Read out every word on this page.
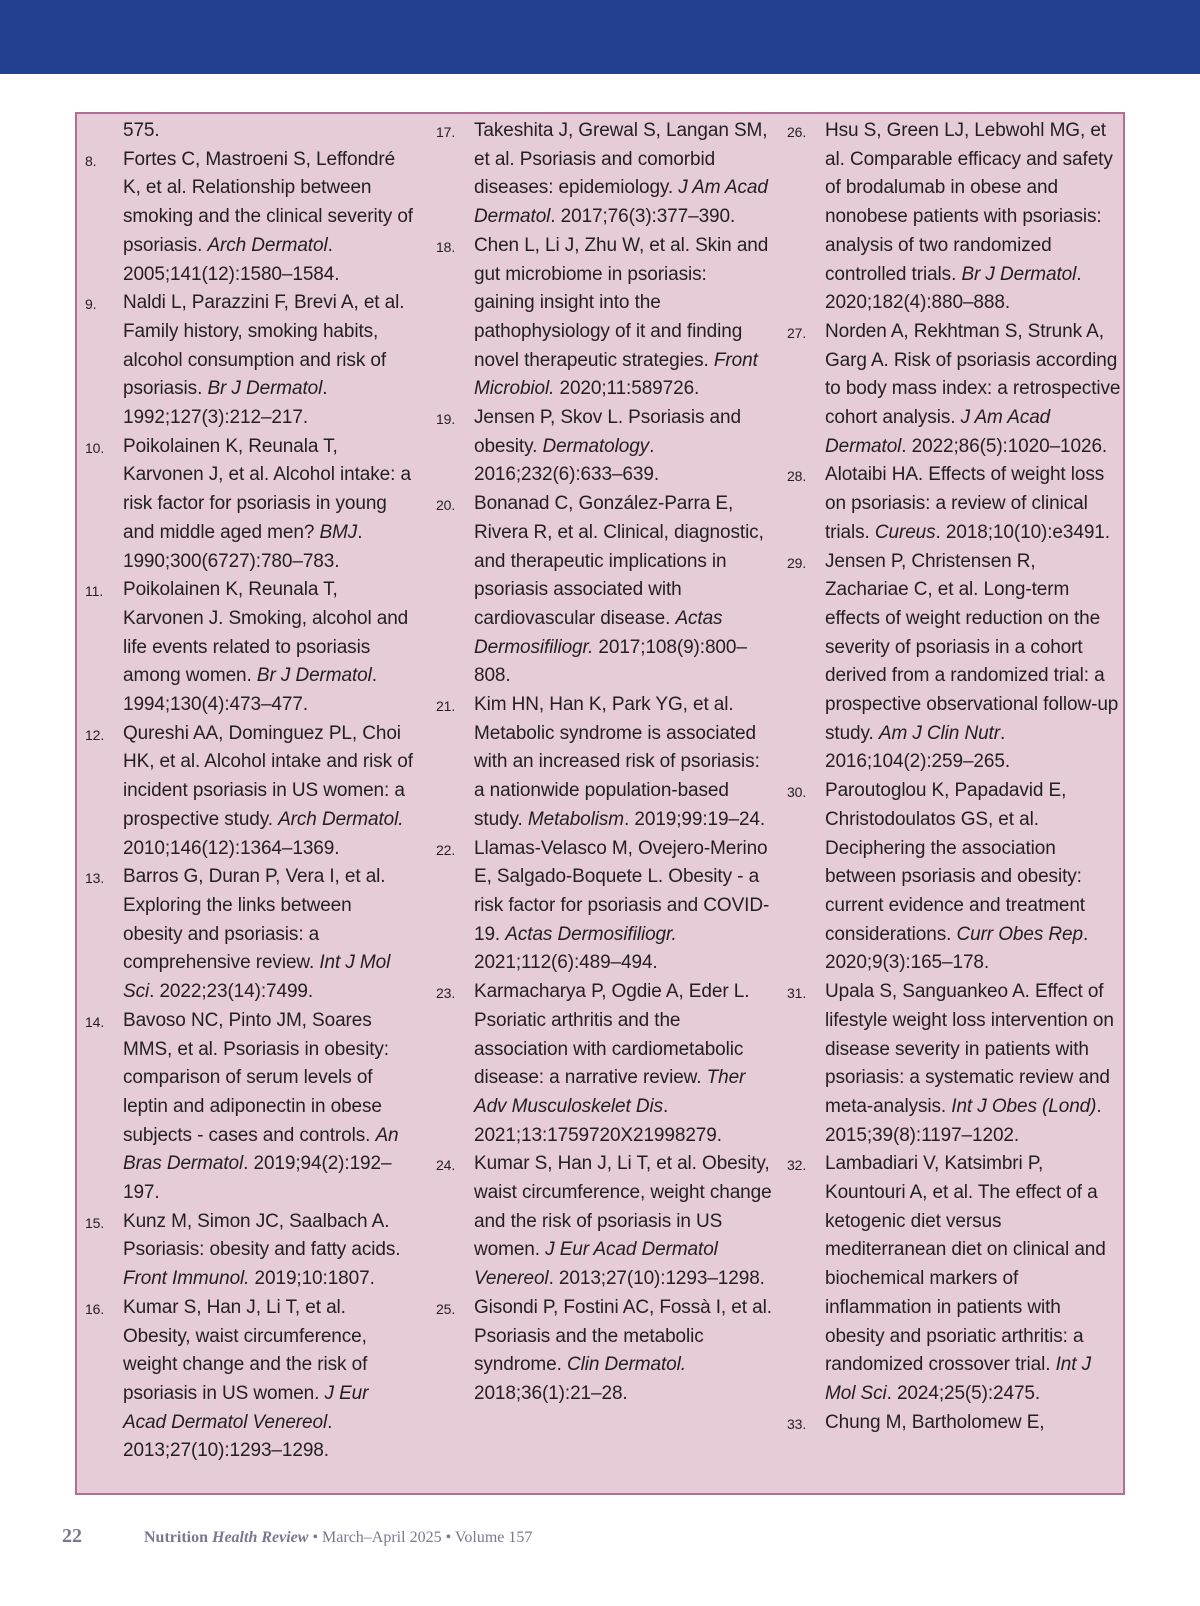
575.
8.	Fortes C, Mastroeni S, Leffondré K, et al. Relationship between smoking and the clinical severity of psoriasis. Arch Dermatol. 2005;141(12):1580–1584.
9.	Naldi L, Parazzini F, Brevi A, et al. Family history, smoking habits, alcohol consumption and risk of psoriasis. Br J Dermatol. 1992;127(3):212–217.
10. Poikolainen K, Reunala T, Karvonen J, et al. Alcohol intake: a risk factor for psoriasis in young and middle aged men? BMJ. 1990;300(6727):780–783.
11.	Poikolainen K, Reunala T, Karvonen J. Smoking, alcohol and life events related to psoriasis among women. Br J Dermatol. 1994;130(4):473–477.
12. Qureshi AA, Dominguez PL, Choi HK, et al. Alcohol intake and risk of incident psoriasis in US women: a prospective study. Arch Dermatol. 2010;146(12):1364–1369.
13. Barros G, Duran P, Vera I, et al. Exploring the links between obesity and psoriasis: a comprehensive review. Int J Mol Sci. 2022;23(14):7499.
14. Bavoso NC, Pinto JM, Soares MMS, et al. Psoriasis in obesity: comparison of serum levels of leptin and adiponectin in obese subjects - cases and controls. An Bras Dermatol. 2019;94(2):192–197.
15. Kunz M, Simon JC, Saalbach A. Psoriasis: obesity and fatty acids. Front Immunol. 2019;10:1807.
16. Kumar S, Han J, Li T, et al. Obesity, waist circumference, weight change and the risk of psoriasis in US women. J Eur Acad Dermatol Venereol. 2013;27(10):1293–1298.
17. Takeshita J, Grewal S, Langan SM, et al. Psoriasis and comorbid diseases: epidemiology. J Am Acad Dermatol. 2017;76(3):377–390.
18. Chen L, Li J, Zhu W, et al. Skin and gut microbiome in psoriasis: gaining insight into the pathophysiology of it and finding novel therapeutic strategies. Front Microbiol. 2020;11:589726.
19. Jensen P, Skov L. Psoriasis and obesity. Dermatology. 2016;232(6):633–639.
20. Bonanad C, González-Parra E, Rivera R, et al. Clinical, diagnostic, and therapeutic implications in psoriasis associated with cardiovascular disease. Actas Dermosifiliogr. 2017;108(9):800–808.
21. Kim HN, Han K, Park YG, et al. Metabolic syndrome is associated with an increased risk of psoriasis: a nationwide population-based study. Metabolism. 2019;99:19–24.
22. Llamas-Velasco M, Ovejero-Merino E, Salgado-Boquete L. Obesity - a risk factor for psoriasis and COVID-19. Actas Dermosifiliogr. 2021;112(6):489–494.
23. Karmacharya P, Ogdie A, Eder L. Psoriatic arthritis and the association with cardiometabolic disease: a narrative review. Ther Adv Musculoskelet Dis. 2021;13:1759720X21998279.
24. Kumar S, Han J, Li T, et al. Obesity, waist circumference, weight change and the risk of psoriasis in US women. J Eur Acad Dermatol Venereol. 2013;27(10):1293–1298.
25. Gisondi P, Fostini AC, Fossà I, et al. Psoriasis and the metabolic syndrome. Clin Dermatol. 2018;36(1):21–28.
26. Hsu S, Green LJ, Lebwohl MG, et al. Comparable efficacy and safety of brodalumab in obese and nonobese patients with psoriasis: analysis of two randomized controlled trials. Br J Dermatol. 2020;182(4):880–888.
27. Norden A, Rekhtman S, Strunk A, Garg A. Risk of psoriasis according to body mass index: a retrospective cohort analysis. J Am Acad Dermatol. 2022;86(5):1020–1026.
28. Alotaibi HA. Effects of weight loss on psoriasis: a review of clinical trials. Cureus. 2018;10(10):e3491.
29. Jensen P, Christensen R, Zachariae C, et al. Long-term effects of weight reduction on the severity of psoriasis in a cohort derived from a randomized trial: a prospective observational follow-up study. Am J Clin Nutr. 2016;104(2):259–265.
30. Paroutoglou K, Papadavid E, Christodoulatos GS, et al. Deciphering the association between psoriasis and obesity: current evidence and treatment considerations. Curr Obes Rep. 2020;9(3):165–178.
31. Upala S, Sanguankeo A. Effect of lifestyle weight loss intervention on disease severity in patients with psoriasis: a systematic review and meta-analysis. Int J Obes (Lond). 2015;39(8):1197–1202.
32. Lambadiari V, Katsimbri P, Kountouri A, et al. The effect of a ketogenic diet versus mediterranean diet on clinical and biochemical markers of inflammation in patients with obesity and psoriatic arthritis: a randomized crossover trial. Int J Mol Sci. 2024;25(5):2475.
33. Chung M, Bartholomew E,
22	Nutrition Health Review • March–April 2025 • Volume 157
